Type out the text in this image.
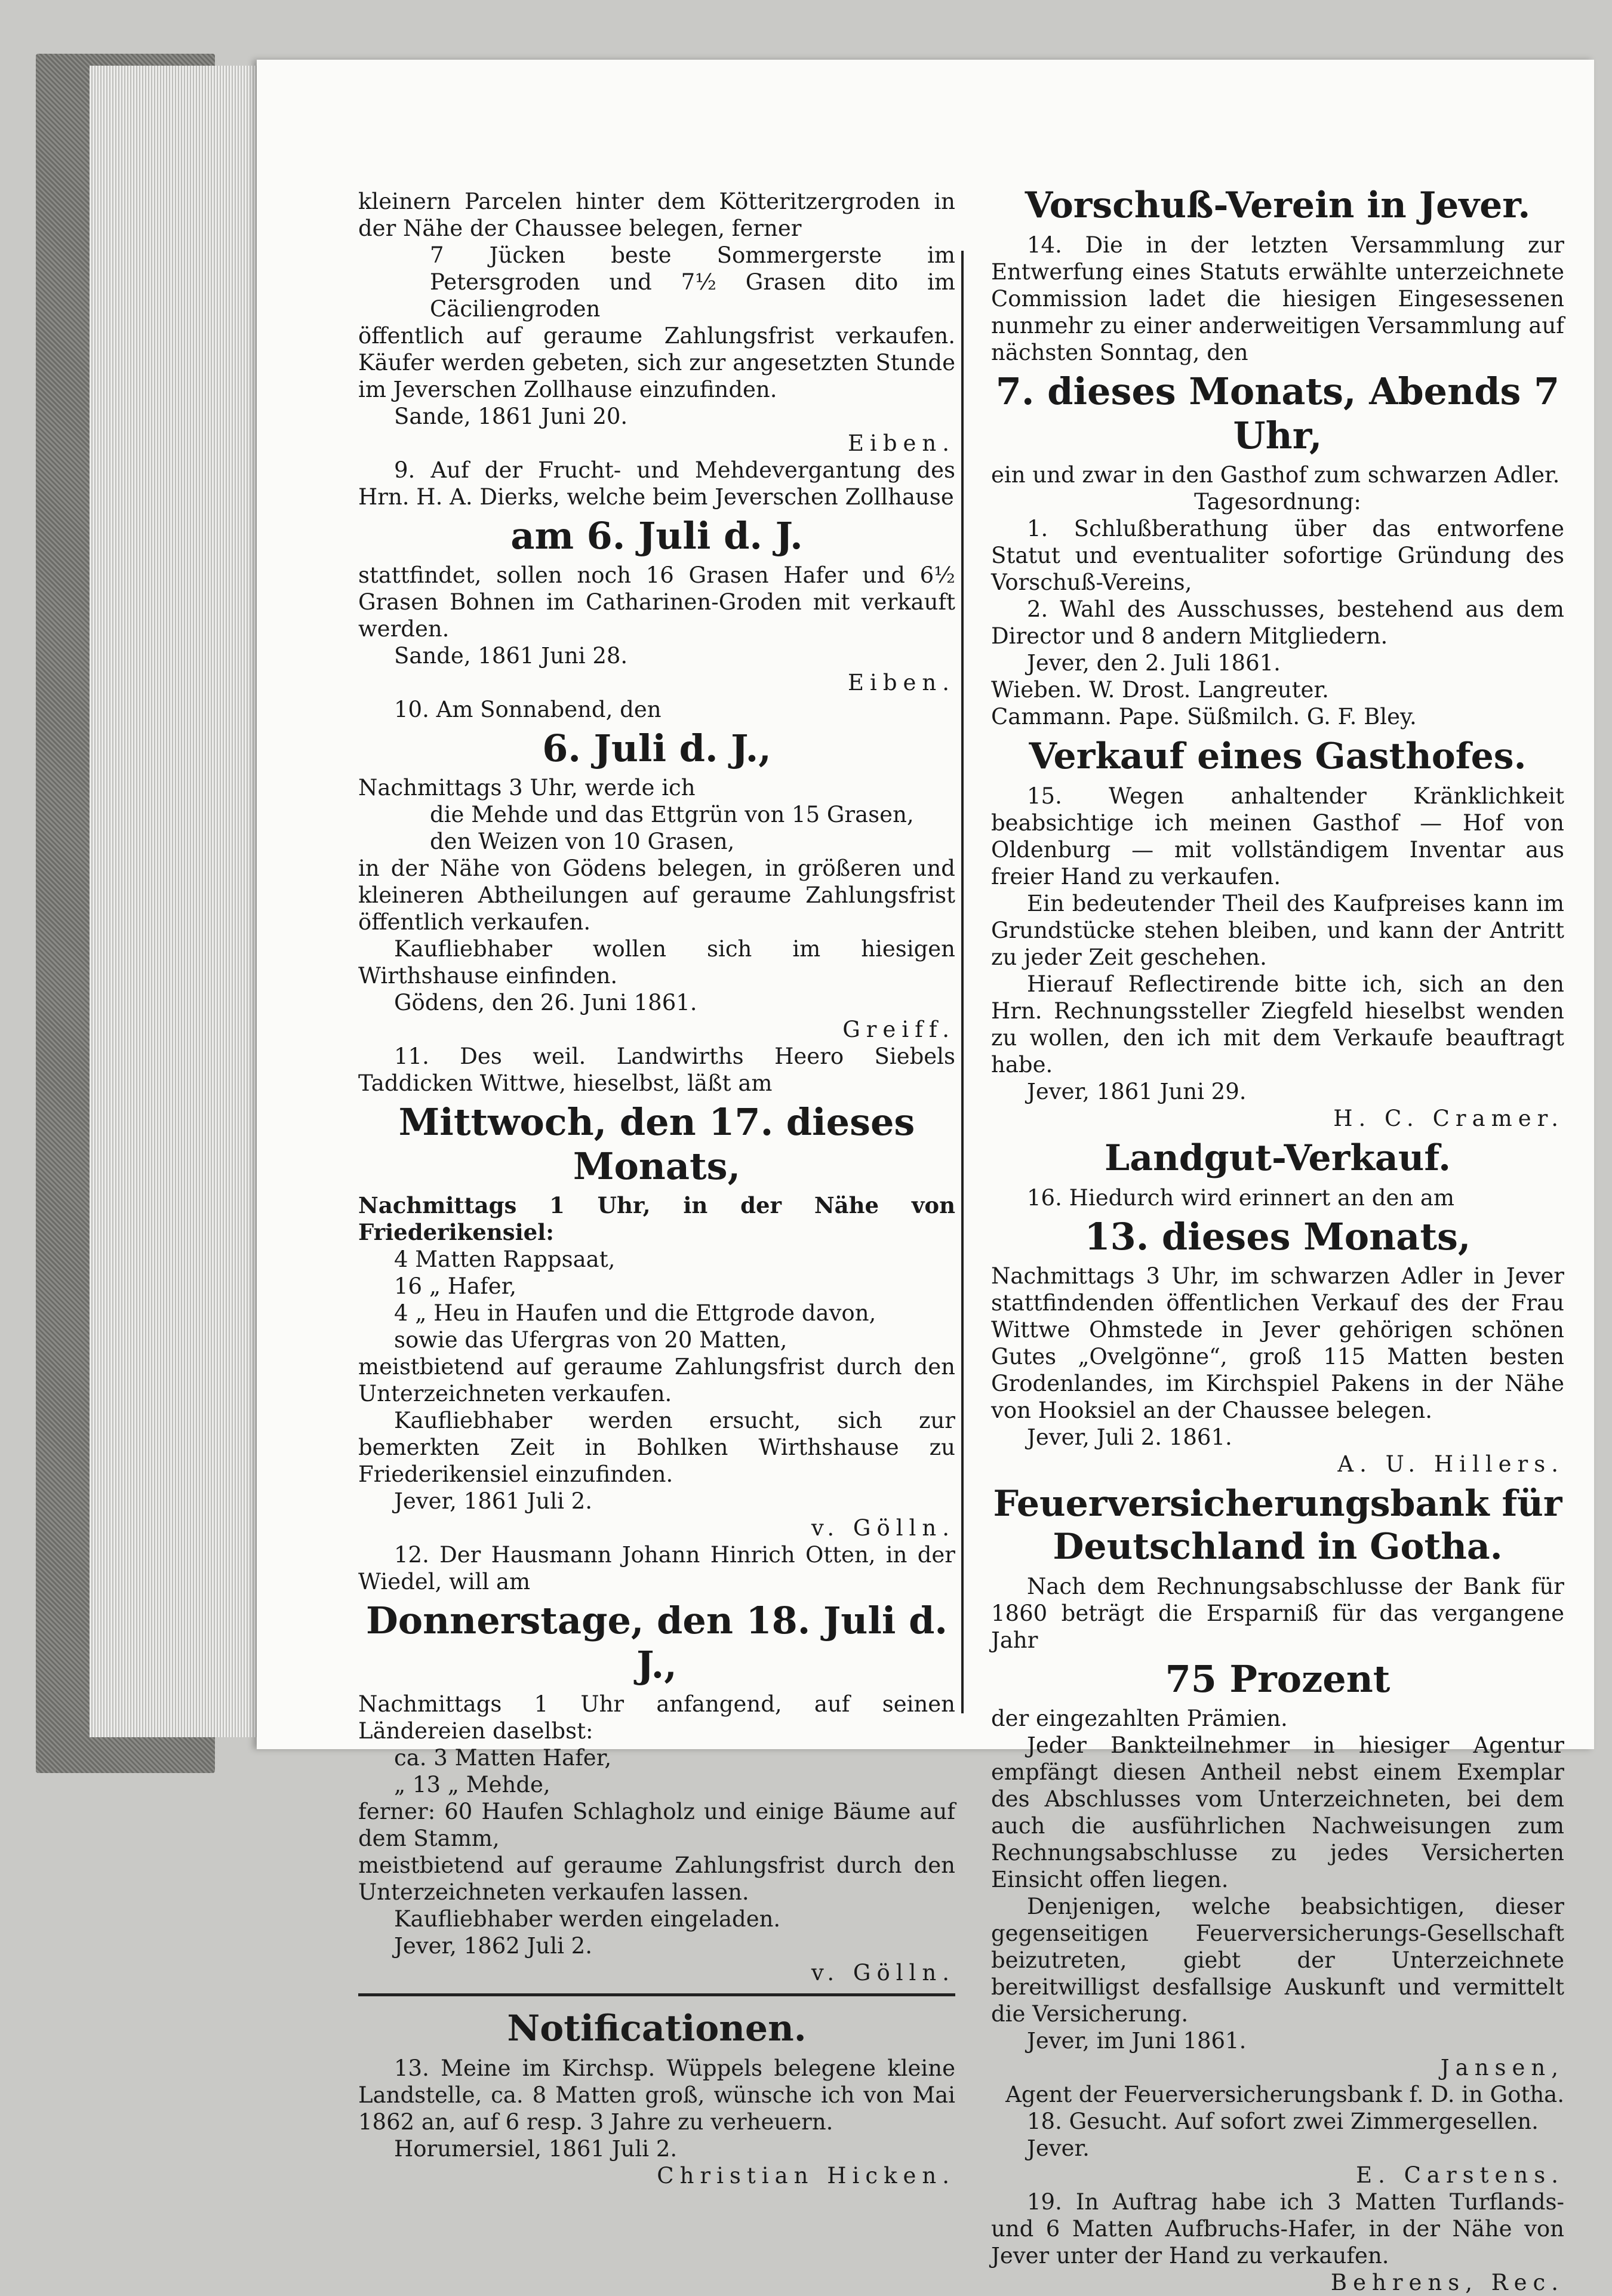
kleinern Parcelen hinter dem Kötteritzergroden in der Nähe der Chaussee belegen, ferner

7 Jücken beste Sommergerste im Petersgroden und 7½ Grasen dito im Cäciliengroden

öffentlich auf geraume Zahlungsfrist verkaufen. Käufer werden gebeten, sich zur angesetzten Stunde im Jeverschen Zollhause einzufinden.

Sande, 1861 Juni 20.

Eiben.

9. Auf der Frucht- und Mehdevergantung des Hrn. H. A. Dierks, welche beim Jeverschen Zollhause

am 6. Juli d. J.

stattfindet, sollen noch 16 Grasen Hafer und 6½ Grasen Bohnen im Catharinen-Groden mit verkauft werden.

Sande, 1861 Juni 28.

Eiben.

10. Am Sonnabend, den

6. Juli d. J.,

Nachmittags 3 Uhr, werde ich

die Mehde und das Ettgrün von 15 Grasen,

den Weizen von 10 Grasen,

in der Nähe von Gödens belegen, in größeren und kleineren Abtheilungen auf geraume Zahlungsfrist öffentlich verkaufen.

Kaufliebhaber wollen sich im hiesigen Wirthshause einfinden.

Gödens, den 26. Juni 1861.

Greiff.

11. Des weil. Landwirths Heero Siebels Taddicken Wittwe, hieselbst, läßt am

Mittwoch, den 17. dieses Monats,

Nachmittags 1 Uhr, in der Nähe von Friederikensiel:

4 Matten Rappsaat,

16 „ Hafer,

4 „ Heu in Haufen und die Ettgrode davon,

sowie das Ufergras von 20 Matten,

meistbietend auf geraume Zahlungsfrist durch den Unterzeichneten verkaufen.

Kaufliebhaber werden ersucht, sich zur bemerkten Zeit in Bohlken Wirthshause zu Friederikensiel einzufinden.

Jever, 1861 Juli 2.

v. Gölln.

12. Der Hausmann Johann Hinrich Otten, in der Wiedel, will am

Donnerstage, den 18. Juli d. J.,

Nachmittags 1 Uhr anfangend, auf seinen Ländereien daselbst:

ca. 3 Matten Hafer,

„ 13 „ Mehde,

ferner: 60 Haufen Schlagholz und einige Bäume auf dem Stamm,

meistbietend auf geraume Zahlungsfrist durch den Unterzeichneten verkaufen lassen.

Kaufliebhaber werden eingeladen.

Jever, 1862 Juli 2.

v. Gölln.

Notificationen.

13. Meine im Kirchsp. Wüppels belegene kleine Landstelle, ca. 8 Matten groß, wünsche ich von Mai 1862 an, auf 6 resp. 3 Jahre zu verheuern.

Horumersiel, 1861 Juli 2.

Christian Hicken.

Vorschuß-Verein in Jever.

14. Die in der letzten Versammlung zur Entwerfung eines Statuts erwählte unterzeichnete Commission ladet die hiesigen Eingesessenen nunmehr zu einer anderweitigen Versammlung auf nächsten Sonntag, den

7. dieses Monats, Abends 7 Uhr,

ein und zwar in den Gasthof zum schwarzen Adler.

Tagesordnung:

1. Schlußberathung über das entworfene Statut und eventualiter sofortige Gründung des Vorschuß-Vereins,

2. Wahl des Ausschusses, bestehend aus dem Director und 8 andern Mitgliedern.

Jever, den 2. Juli 1861.

Wieben. W. Drost. Langreuter.

Cammann. Pape. Süßmilch. G. F. Bley.

Verkauf eines Gasthofes.

15. Wegen anhaltender Kränklichkeit beabsichtige ich meinen Gasthof — Hof von Oldenburg — mit vollständigem Inventar aus freier Hand zu verkaufen.

Ein bedeutender Theil des Kaufpreises kann im Grundstücke stehen bleiben, und kann der Antritt zu jeder Zeit geschehen.

Hierauf Reflectirende bitte ich, sich an den Hrn. Rechnungssteller Ziegfeld hieselbst wenden zu wollen, den ich mit dem Verkaufe beauftragt habe.

Jever, 1861 Juni 29.

H. C. Cramer.

Landgut-Verkauf.

16. Hiedurch wird erinnert an den am

13. dieses Monats,

Nachmittags 3 Uhr, im schwarzen Adler in Jever stattfindenden öffentlichen Verkauf des der Frau Wittwe Ohmstede in Jever gehörigen schönen Gutes „Ovelgönne“, groß 115 Matten besten Grodenlandes, im Kirchspiel Pakens in der Nähe von Hooksiel an der Chaussee belegen.

Jever, Juli 2. 1861.

A. U. Hillers.

Feuerversicherungsbank für Deutschland in Gotha.

Nach dem Rechnungsabschlusse der Bank für 1860 beträgt die Ersparniß für das vergangene Jahr

75 Prozent

der eingezahlten Prämien.

Jeder Bankteilnehmer in hiesiger Agentur empfängt diesen Antheil nebst einem Exemplar des Abschlusses vom Unterzeichneten, bei dem auch die ausführlichen Nachweisungen zum Rechnungsabschlusse zu jedes Versicherten Einsicht offen liegen.

Denjenigen, welche beabsichtigen, dieser gegenseitigen Feuerversicherungs-Gesellschaft beizutreten, giebt der Unterzeichnete bereitwilligst desfallsige Auskunft und vermittelt die Versicherung.

Jever, im Juni 1861.

Jansen,

Agent der Feuerversicherungsbank f. D. in Gotha.

18. Gesucht. Auf sofort zwei Zimmergesellen.

Jever.

E. Carstens.

19. In Auftrag habe ich 3 Matten Turflands- und 6 Matten Aufbruchs-Hafer, in der Nähe von Jever unter der Hand zu verkaufen.

Behrens, Rec.
